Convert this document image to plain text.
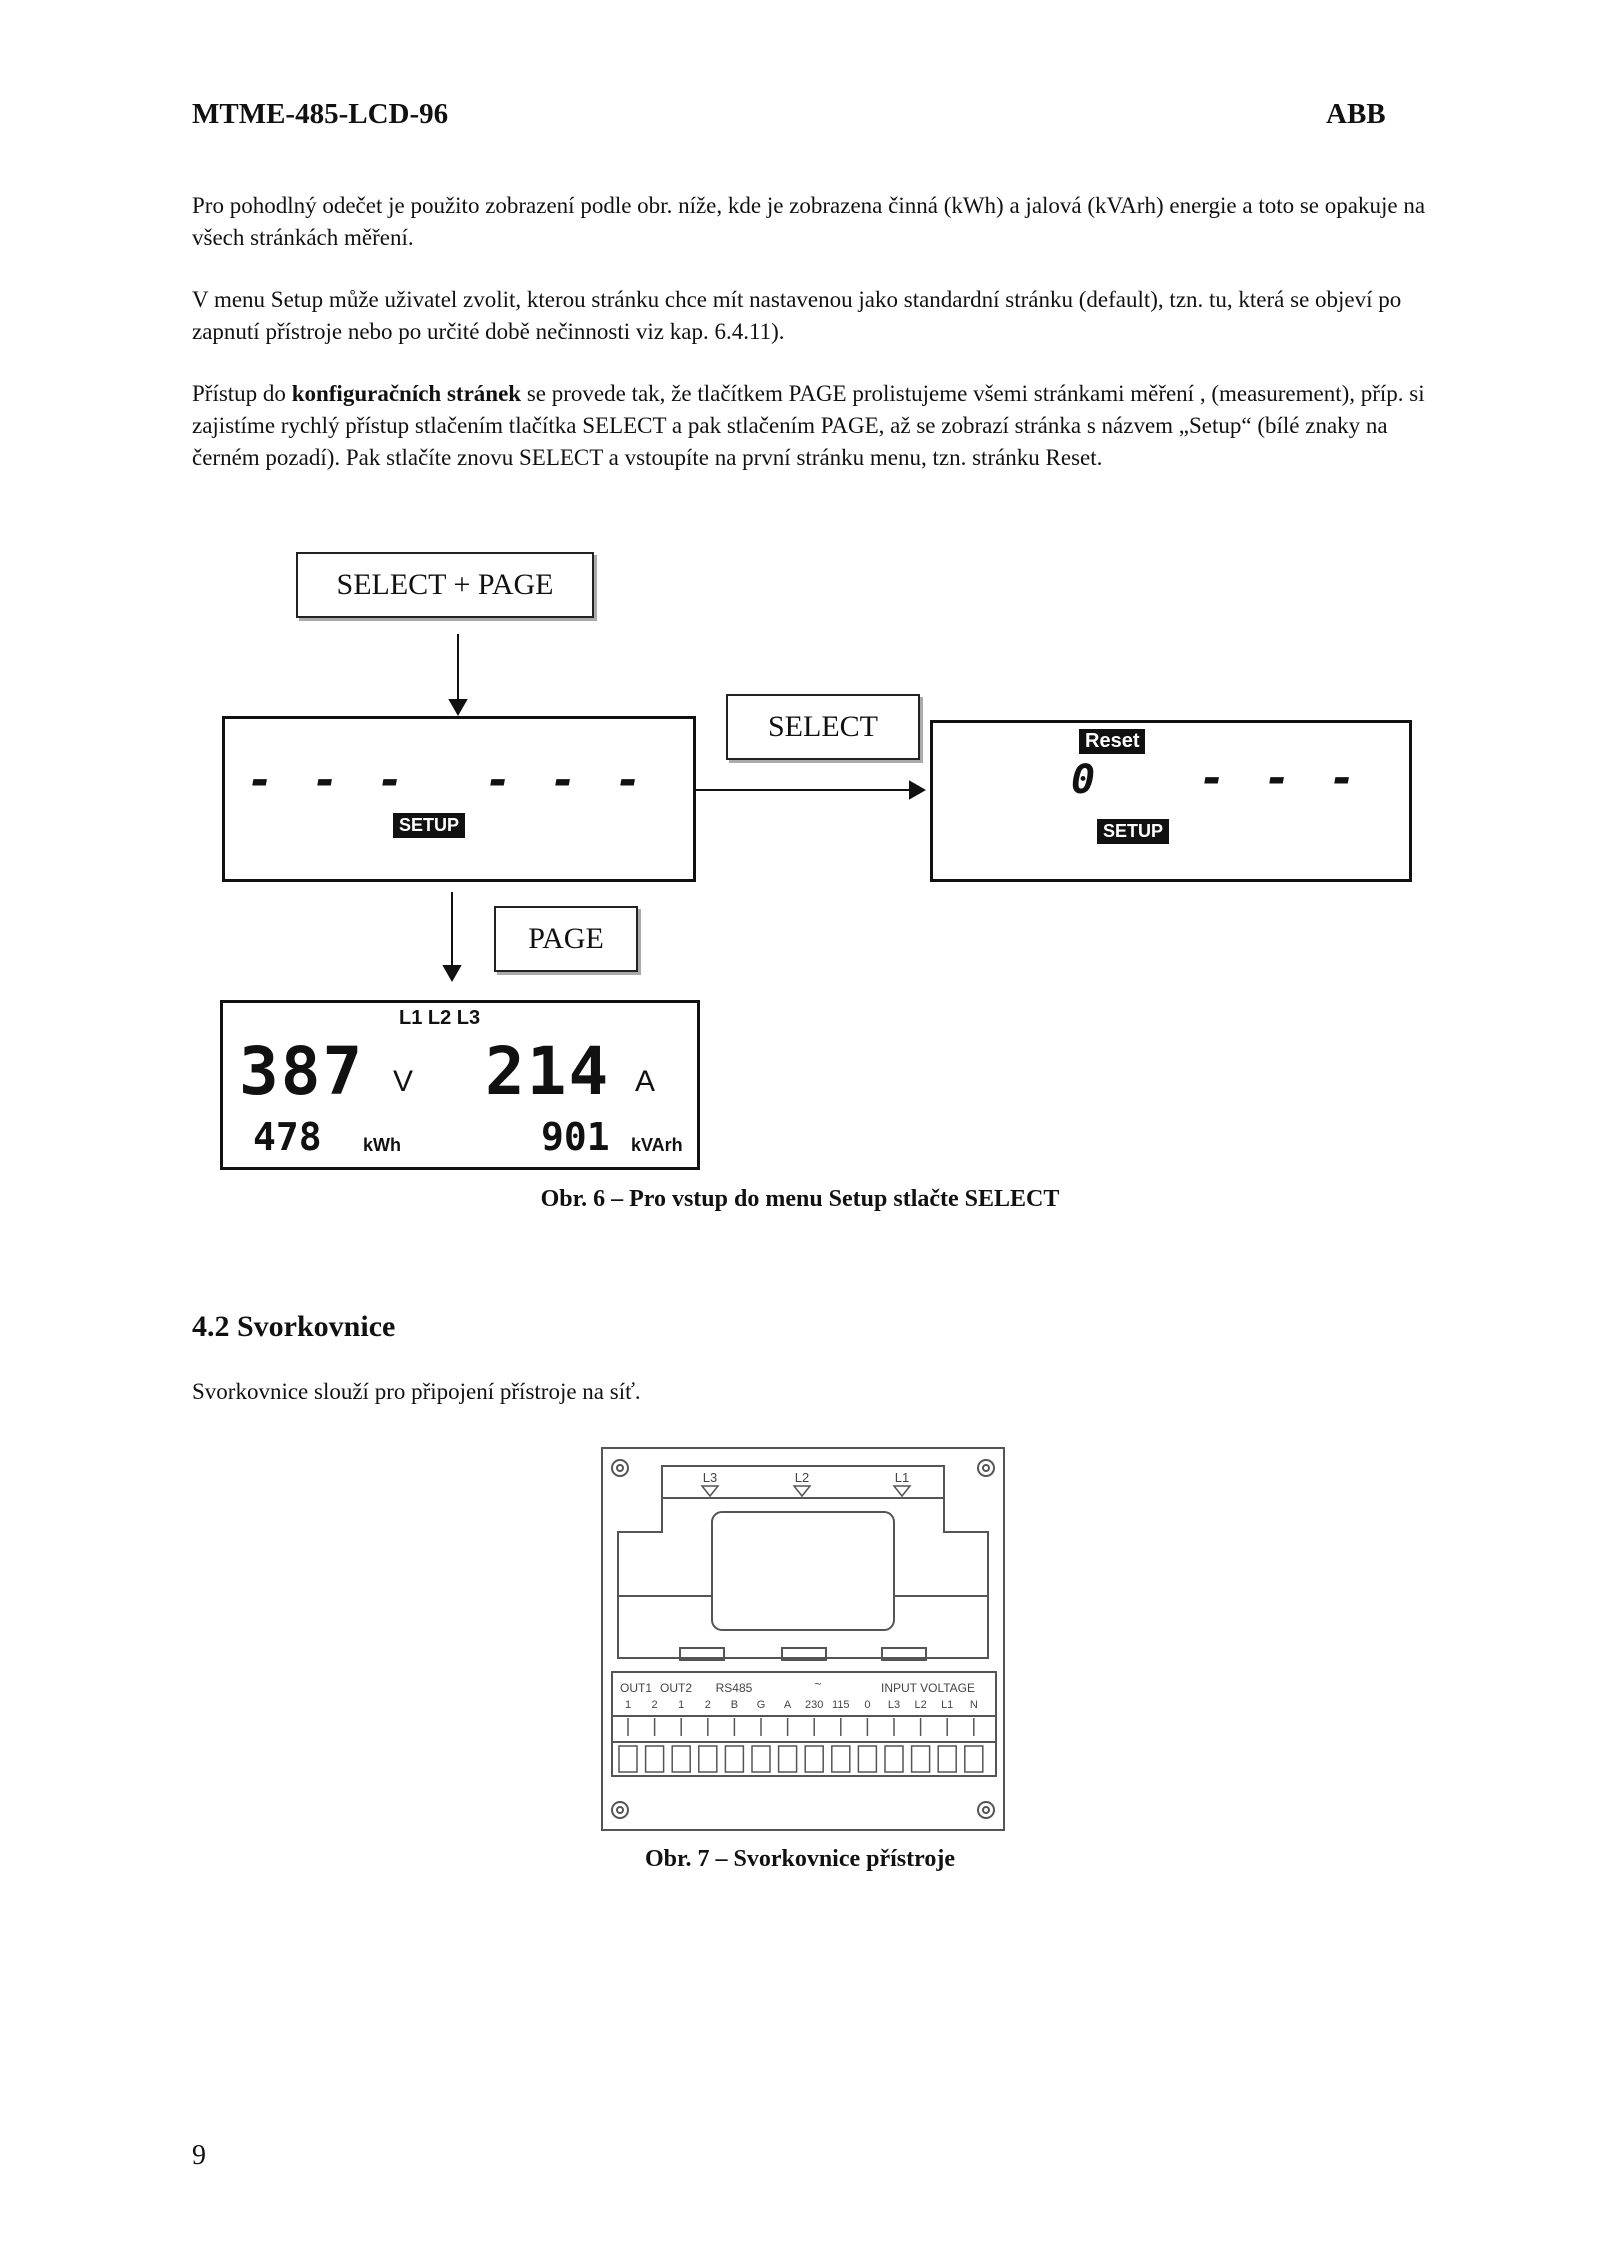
MTME-485-LCD-96	ABB

Pro pohodlný odečet je použito zobrazení podle obr. níže, kde je zobrazena činná (kWh) a jalová (kVArh) energie a toto se opakuje na všech stránkách měření.

V menu Setup může uživatel zvolit, kterou stránku chce mít nastavenou jako standardní stránku (default), tzn. tu, která se objeví po zapnutí přístroje nebo po určité době nečinnosti viz kap. 6.4.11).

Přístup do konfiguračních stránek se provede tak, že tlačítkem PAGE prolistujeme všemi stránkami měření , (measurement), příp. si zajistíme rychlý přístup stlačením tlačítka SELECT a pak stlačením PAGE, až se zobrazí stránka s názvem „Setup“ (bílé znaky na černém pozadí). Pak stlačíte znovu SELECT a vstoupíte na první stránku menu, tzn. stránku Reset.

SELECT + PAGE
SELECT
PAGE
- - - - - -
SETUP
Reset
0 - - -
SETUP
L1 L2 L3
387 V 214 A
478 kWh	901 kVArh
Obr. 6 – Pro vstup do menu Setup stlačte SELECT
4.2 Svorkovnice
Svorkovnice slouží pro připojení přístroje na síť.
L3	L2	L1
OUT1 OUT2 RS485	~	INPUT VOLTAGE
1 2 1 2 B G A 230 115 0 L3 L2 L1 N
Obr. 7 – Svorkovnice přístroje
9
